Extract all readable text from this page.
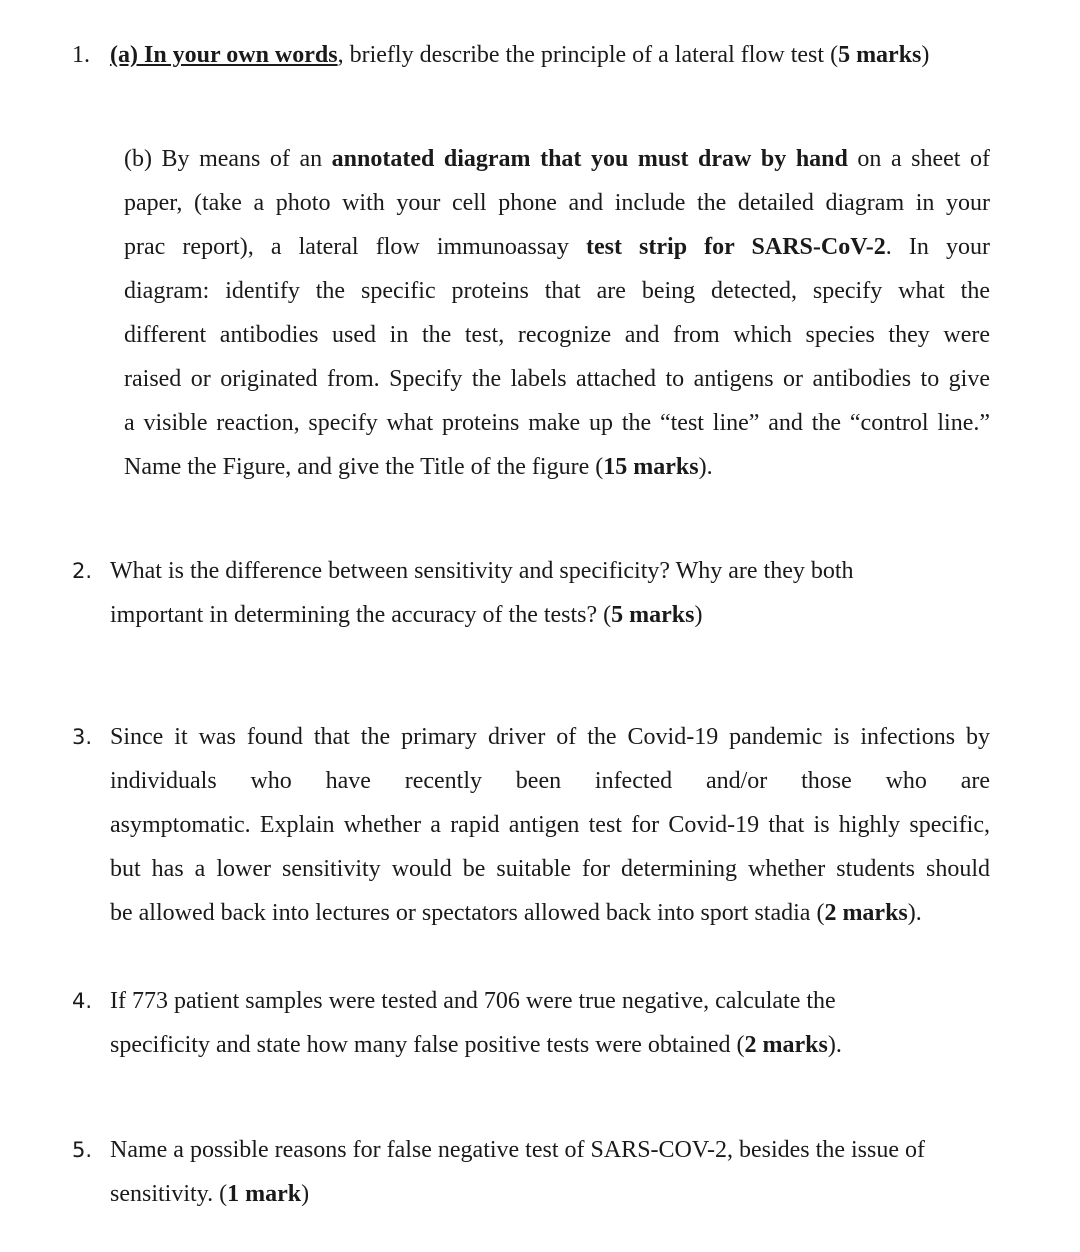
1. (a) In your own words, briefly describe the principle of a lateral flow test (5 marks)
(b) By means of an annotated diagram that you must draw by hand on a sheet of
paper, (take a photo with your cell phone and include the detailed diagram in your
prac report), a lateral flow immunoassay test strip for SARS-CoV-2. In your
diagram: identify the specific proteins that are being detected, specify what the
different antibodies used in the test, recognize and from which species they were
raised or originated from. Specify the labels attached to antigens or antibodies to give
a visible reaction, specify what proteins make up the “test line” and the “control line.”
Name the Figure, and give the Title of the figure (15 marks).
2. What is the difference between sensitivity and specificity? Why are they both
important in determining the accuracy of the tests? (5 marks)
3. Since it was found that the primary driver of the Covid-19 pandemic is infections by
individuals who have recently been infected and/or those who are
asymptomatic. Explain whether a rapid antigen test for Covid-19 that is highly specific,
but has a lower sensitivity would be suitable for determining whether students should
be allowed back into lectures or spectators allowed back into sport stadia (2 marks).
4. If 773 patient samples were tested and 706 were true negative, calculate the
specificity and state how many false positive tests were obtained (2 marks).
5. Name a possible reasons for false negative test of SARS-COV-2, besides the issue of
sensitivity. (1 mark)
